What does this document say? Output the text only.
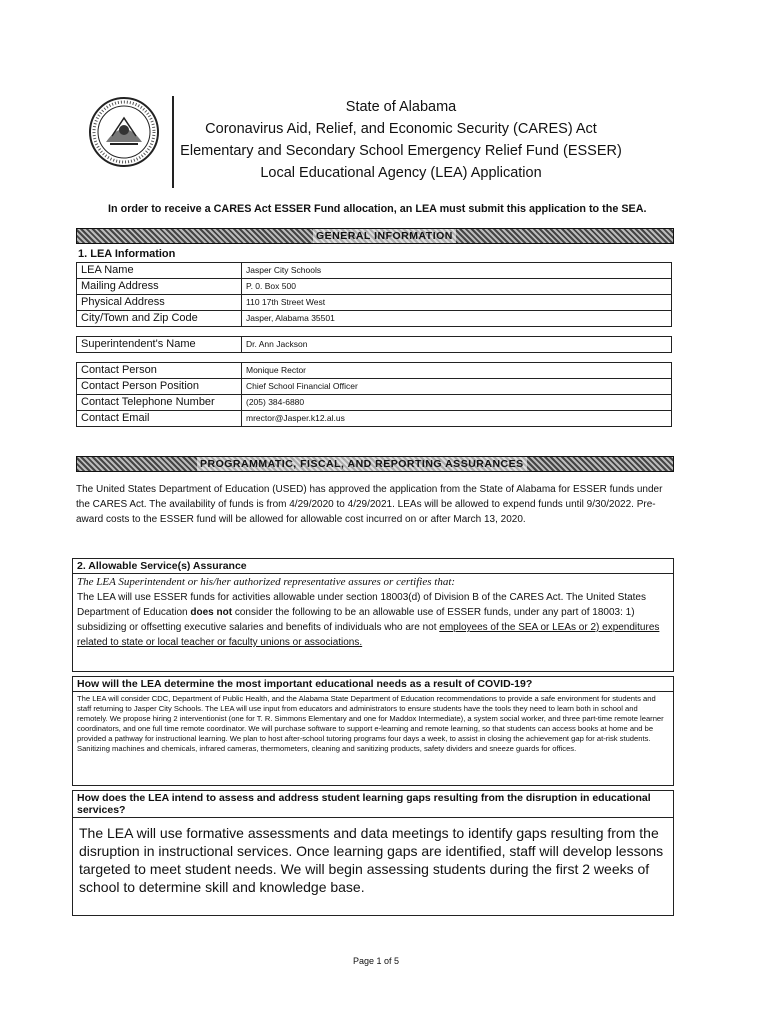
State of Alabama
Coronavirus Aid, Relief, and Economic Security (CARES) Act
Elementary and Secondary School Emergency Relief Fund (ESSER)
Local Educational Agency (LEA) Application
In order to receive a CARES Act ESSER Fund allocation, an LEA must submit this application to the SEA.
GENERAL INFORMATION
1. LEA Information
LEA Name	Jasper City Schools
Mailing Address	P. 0. Box 500
Physical Address	110 17th Street West
City/Town and Zip Code	Jasper, Alabama 35501

Superintendent's Name	Dr. Ann Jackson

Contact Person	Monique Rector
Contact Person Position	Chief School Financial Officer
Contact Telephone Number	(205) 384-6880
Contact Email	mrector@Jasper.k12.al.us
PROGRAMMATIC, FISCAL, AND REPORTING ASSURANCES
The United States Department of Education (USED) has approved the application from the State of Alabama for ESSER funds under the CARES Act. The availability of funds is from 4/29/2020 to 4/29/2021. LEAs will be allowed to expend funds until 9/30/2022. Pre-award costs to the ESSER fund will be allowed for allowable cost incurred on or after March 13, 2020.
2. Allowable Service(s) Assurance
The LEA Superintendent or his/her authorized representative assures or certifies that:
The LEA will use ESSER funds for activities allowable under section 18003(d) of Division B of the CARES Act. The United States Department of Education does not consider the following to be an allowable use of ESSER funds, under any part of 18003: 1) subsidizing or offsetting executive salaries and benefits of individuals who are not employees of the SEA or LEAs or 2) expenditures related to state or local teacher or faculty unions or associations.
How will the LEA determine the most important educational needs as a result of COVID-19?
The LEA will consider CDC, Department of Public Health, and the Alabama State Department of Education recommendations to provide a safe environment for students and staff returning to Jasper City Schools. The LEA will use input from educators and administrators to ensure students have the tools they need to learn both in school and remotely. We propose hiring 2 interventionist (one for T. R. Simmons Elementary and one for Maddox Intermediate), a system social worker, and three part-time remote learner coordinators, and one full time remote coordinator. We will purchase software to support e-learning and remote learning, so that students can access books at home and be provided a pathway for instructional learning. We plan to host after-school tutoring programs four days a week, to assist in closing the achievement gap for at-risk students. Sanitizing machines and chemicals, infrared cameras, thermometers, cleaning and sanitizing products, safety dividers and sneeze guards for offices.
How does the LEA intend to assess and address student learning gaps resulting from the disruption in educational services?
The LEA will use formative assessments and data meetings to identify gaps resulting from the disruption in instructional services. Once learning gaps are identified, staff will develop lessons targeted to meet student needs. We will begin assessing students during the first 2 weeks of school to determine skill and knowledge base.
Page 1 of 5
